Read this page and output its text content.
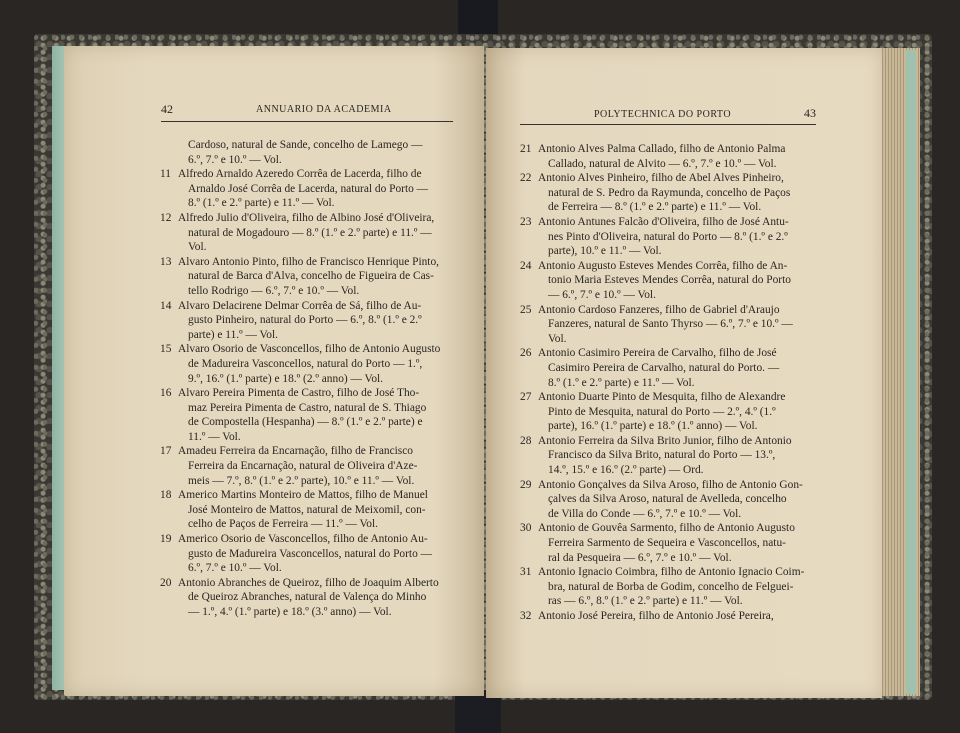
42	ANNUARIO DA ACADEMIA
Cardoso, natural de Sande, concelho de Lamego —
6.º, 7.º e 10.º — Vol.
11 Alfredo Arnaldo Azeredo Corrêa de Lacerda, filho de
Arnaldo José Corrêa de Lacerda, natural do Porto —
8.º (1.º e 2.º parte) e 11.º — Vol.
12 Alfredo Julio d'Oliveira, filho de Albino José d'Oliveira,
natural de Mogadouro — 8.º (1.º e 2.º parte) e 11.º —
Vol.
13 Alvaro Antonio Pinto, filho de Francisco Henrique Pinto,
natural de Barca d'Alva, concelho de Figueira de Cas-
tello Rodrigo — 6.º, 7.º e 10.º — Vol.
14 Alvaro Delacirene Delmar Corrêa de Sá, filho de Au-
gusto Pinheiro, natural do Porto — 6.º, 8.º (1.º e 2.º
parte) e 11.º — Vol.
15 Alvaro Osorio de Vasconcellos, filho de Antonio Augusto
de Madureira Vasconcellos, natural do Porto — 1.º,
9.º, 16.º (1.º parte) e 18.º (2.º anno) — Vol.
16 Alvaro Pereira Pimenta de Castro, filho de José Tho-
maz Pereira Pimenta de Castro, natural de S. Thiago
de Compostella (Hespanha) — 8.º (1.º e 2.º parte) e
11.º — Vol.
17 Amadeu Ferreira da Encarnação, filho de Francisco
Ferreira da Encarnação, natural de Oliveira d'Aze-
meis — 7.º, 8.º (1.º e 2.º parte), 10.º e 11.º — Vol.
18 Americo Martins Monteiro de Mattos, filho de Manuel
José Monteiro de Mattos, natural de Meixomil, con-
celho de Paços de Ferreira — 11.º — Vol.
19 Americo Osorio de Vasconcellos, filho de Antonio Au-
gusto de Madureira Vasconcellos, natural do Porto —
6.º, 7.º e 10.º — Vol.
20 Antonio Abranches de Queiroz, filho de Joaquim Alberto
de Queiroz Abranches, natural de Valença do Minho
— 1.º, 4.º (1.º parte) e 18.º (3.º anno) — Vol.
POLYTECHNICA DO PORTO	43
21 Antonio Alves Palma Callado, filho de Antonio Palma
Callado, natural de Alvito — 6.º, 7.º e 10.º — Vol.
22 Antonio Alves Pinheiro, filho de Abel Alves Pinheiro,
natural de S. Pedro da Raymunda, concelho de Paços
de Ferreira — 8.º (1.º e 2.º parte) e 11.º — Vol.
23 Antonio Antunes Falcão d'Oliveira, filho de José Antu-
nes Pinto d'Oliveira, natural do Porto — 8.º (1.º e 2.º
parte), 10.º e 11.º — Vol.
24 Antonio Augusto Esteves Mendes Corrêa, filho de An-
tonio Maria Esteves Mendes Corrêa, natural do Porto
— 6.º, 7.º e 10.º — Vol.
25 Antonio Cardoso Fanzeres, filho de Gabriel d'Araujo
Fanzeres, natural de Santo Thyrso — 6.º, 7.º e 10.º —
Vol.
26 Antonio Casimiro Pereira de Carvalho, filho de José
Casimiro Pereira de Carvalho, natural do Porto. —
8.º (1.º e 2.º parte) e 11.º — Vol.
27 Antonio Duarte Pinto de Mesquita, filho de Alexandre
Pinto de Mesquita, natural do Porto — 2.º, 4.º (1.º
parte), 16.º (1.º parte) e 18.º (1.º anno) — Vol.
28 Antonio Ferreira da Silva Brito Junior, filho de Antonio
Francisco da Silva Brito, natural do Porto — 13.º,
14.º, 15.º e 16.º (2.º parte) — Ord.
29 Antonio Gonçalves da Silva Aroso, filho de Antonio Gon-
çalves da Silva Aroso, natural de Avelleda, concelho
de Villa do Conde — 6.º, 7.º e 10.º — Vol.
30 Antonio de Gouvêa Sarmento, filho de Antonio Augusto
Ferreira Sarmento de Sequeira e Vasconcellos, natu-
ral da Pesqueira — 6.º, 7.º e 10.º — Vol.
31 Antonio Ignacio Coimbra, filho de Antonio Ignacio Coim-
bra, natural de Borba de Godim, concelho de Felguei-
ras — 6.º, 8.º (1.º e 2.º parte) e 11.º — Vol.
32 Antonio José Pereira, filho de Antonio José Pereira,
